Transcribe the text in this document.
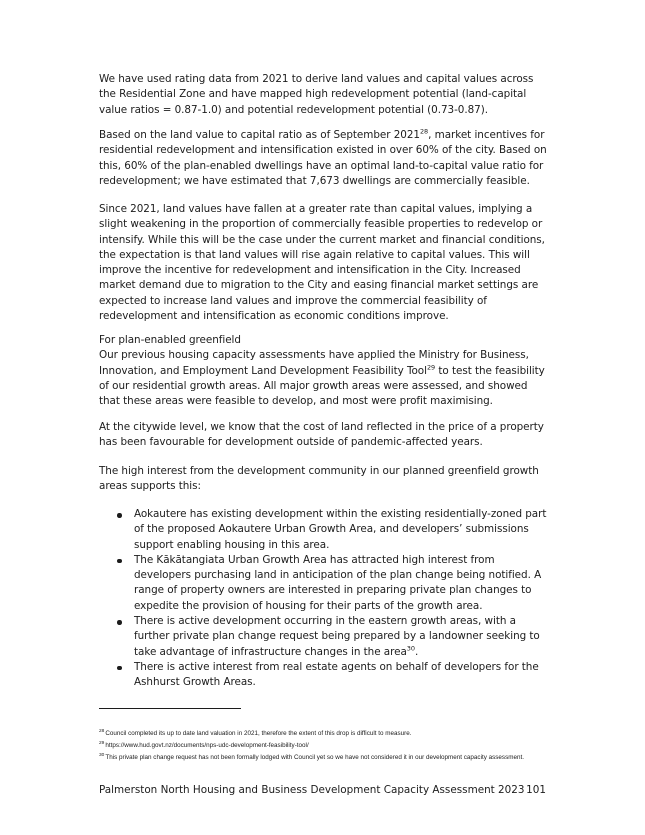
We have used rating data from 2021 to derive land values and capital values across the Residential Zone and have mapped high redevelopment potential (land-capital value ratios = 0.87-1.0) and potential redevelopment potential (0.73-0.87).

Based on the land value to capital ratio as of September 2021$^{28}$, market incentives for residential redevelopment and intensification existed in over 60% of the city. Based on this, 60% of the plan-enabled dwellings have an optimal land-to-capital value ratio for redevelopment; we have estimated that 7,673 dwellings are commercially feasible.

Since 2021, land values have fallen at a greater rate than capital values, implying a slight weakening in the proportion of commercially feasible properties to redevelop or intensify. While this will be the case under the current market and financial conditions, the expectation is that land values will rise again relative to capital values. This will improve the incentive for redevelopment and intensification in the City. Increased market demand due to migration to the City and easing financial market settings are expected to increase land values and improve the commercial feasibility of redevelopment and intensification as economic conditions improve.

For plan-enabled greenfield

Our previous housing capacity assessments have applied the Ministry for Business, Innovation, and Employment Land Development Feasibility Tool$^{29}$ to test the feasibility of our residential growth areas. All major growth areas were assessed, and showed that these areas were feasible to develop, and most were profit maximising.

At the citywide level, we know that the cost of land reflected in the price of a property has been favourable for development outside of pandemic-affected years.

The high interest from the development community in our planned greenfield growth areas supports this:

Aokautere has existing development within the existing residentially-zoned part of the proposed Aokautere Urban Growth Area, and developers’ submissions support enabling housing in this area.
The Kākātangiata Urban Growth Area has attracted high interest from developers purchasing land in anticipation of the plan change being notified. A range of property owners are interested in preparing private plan changes to expedite the provision of housing for their parts of the growth area.
There is active development occurring in the eastern growth areas, with a further private plan change request being prepared by a landowner seeking to take advantage of infrastructure changes in the area$^{30}$.
There is active interest from real estate agents on behalf of developers for the Ashhurst Growth Areas.
$^{28}$Council completed its up to date land valuation in 2021, therefore the extent of this drop is difficult to measure.
$^{29}$https://www.hud.govt.nz/documents/nps-udc-development-feasibility-tool/
$^{30}$This private plan change request has not been formally lodged with Council yet so we have not considered it in our development capacity assessment.
Palmerston North Housing and Business Development Capacity Assessment 2023 101
